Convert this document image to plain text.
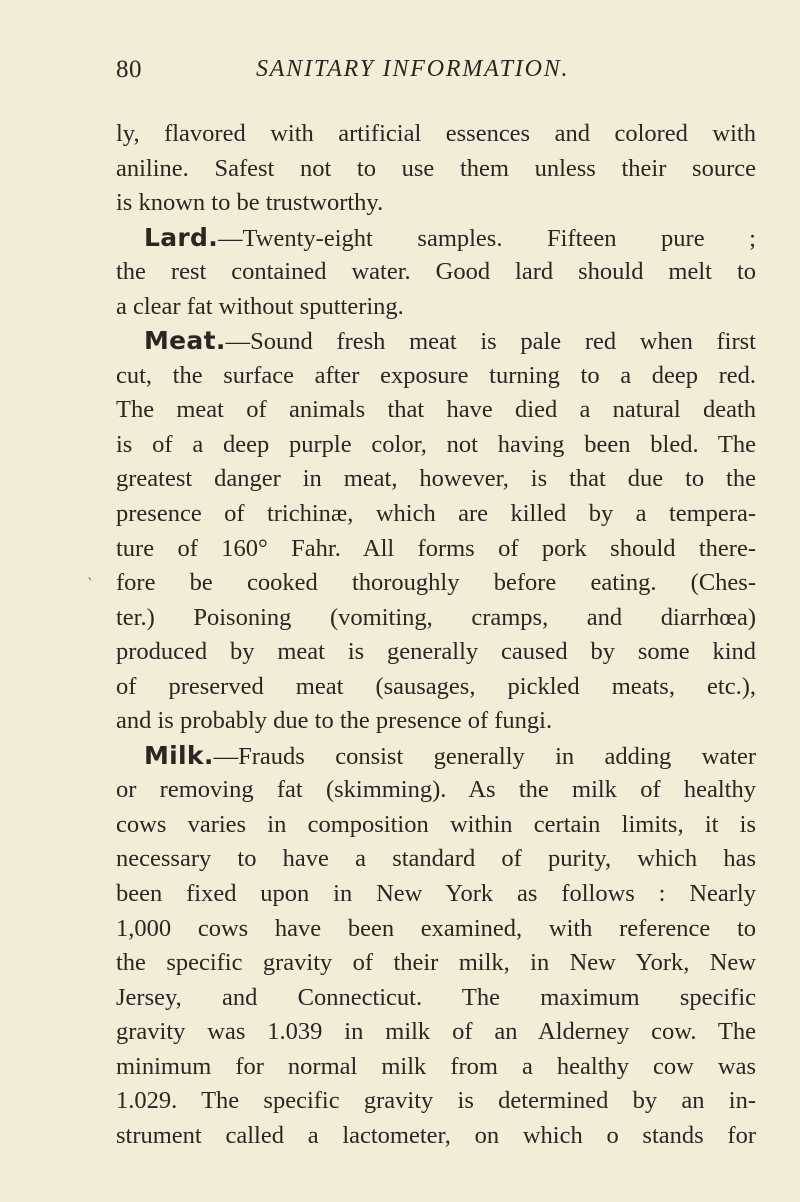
80	SANITARY INFORMATION.
‵
ly, flavored with artificial essences and colored with
aniline. Safest not to use them unless their source
is known to be trustworthy.
Lard.—Twenty-eight samples. Fifteen pure ;
the rest contained water. Good lard should melt to
a clear fat without sputtering.
Meat.—Sound fresh meat is pale red when first
cut, the surface after exposure turning to a deep red.
The meat of animals that have died a natural death
is of a deep purple color, not having been bled. The
greatest danger in meat, however, is that due to the
presence of trichinæ, which are killed by a tempera-
ture of 160° Fahr. All forms of pork should there-
fore be cooked thoroughly before eating. (Ches-
ter.) Poisoning (vomiting, cramps, and diarrhœa)
produced by meat is generally caused by some kind
of preserved meat (sausages, pickled meats, etc.),
and is probably due to the presence of fungi.
Milk.—Frauds consist generally in adding water
or removing fat (skimming). As the milk of healthy
cows varies in composition within certain limits, it is
necessary to have a standard of purity, which has
been fixed upon in New York as follows : Nearly
1,000 cows have been examined, with reference to
the specific gravity of their milk, in New York, New
Jersey, and Connecticut. The maximum specific
gravity was 1.039 in milk of an Alderney cow. The
minimum for normal milk from a healthy cow was
1.029. The specific gravity is determined by an in-
strument called a lactometer, on which o stands for
